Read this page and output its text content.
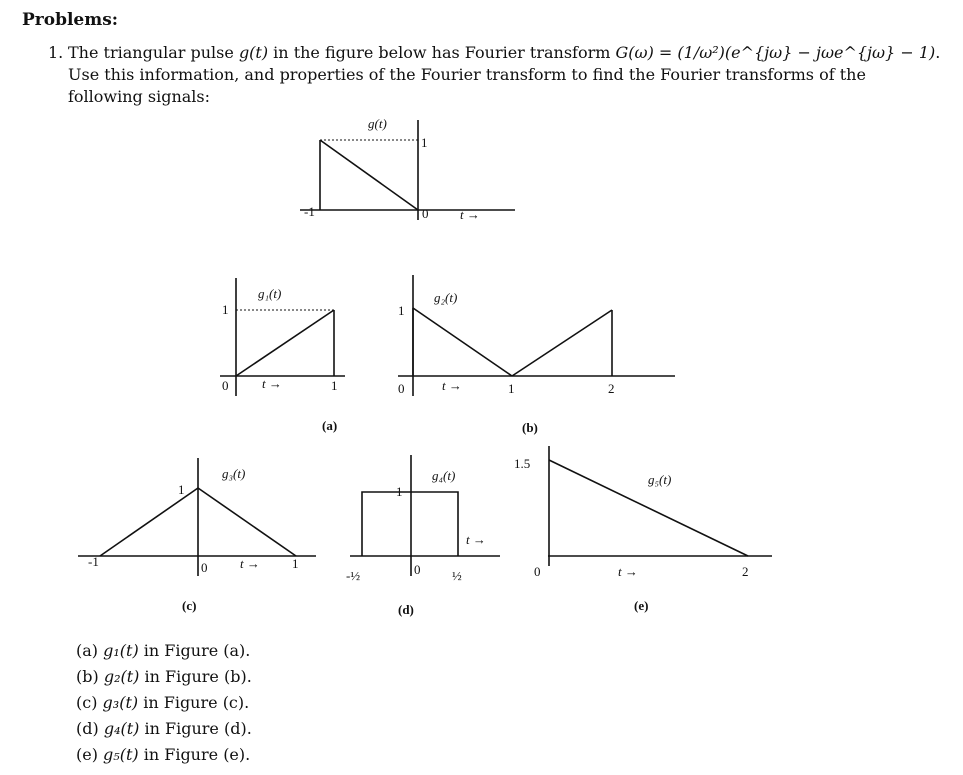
Problems:
1. The triangular pulse g(t) in the figure below has Fourier transform G(ω) = (1/ω²)(e^{jω} − jωe^{jω} − 1). Use this information, and properties of the Fourier transform to find the Fourier transforms of the following signals:
g(t)
-1	0
1
t →
g₁(t)
1
0	1
t →
g₂(t)
1
0	1	2
t →
(a)	(b)
g₃(t)
1
-1	0	1
t →
g₄(t)
1
-½	0 ½
t →
1.5
g₅(t)
0	2
t →
(c)	(d)	(e)
(a) g₁(t) in Figure (a).
(b) g₂(t) in Figure (b).
(c) g₃(t) in Figure (c).
(d) g₄(t) in Figure (d).
(e) g₅(t) in Figure (e).
